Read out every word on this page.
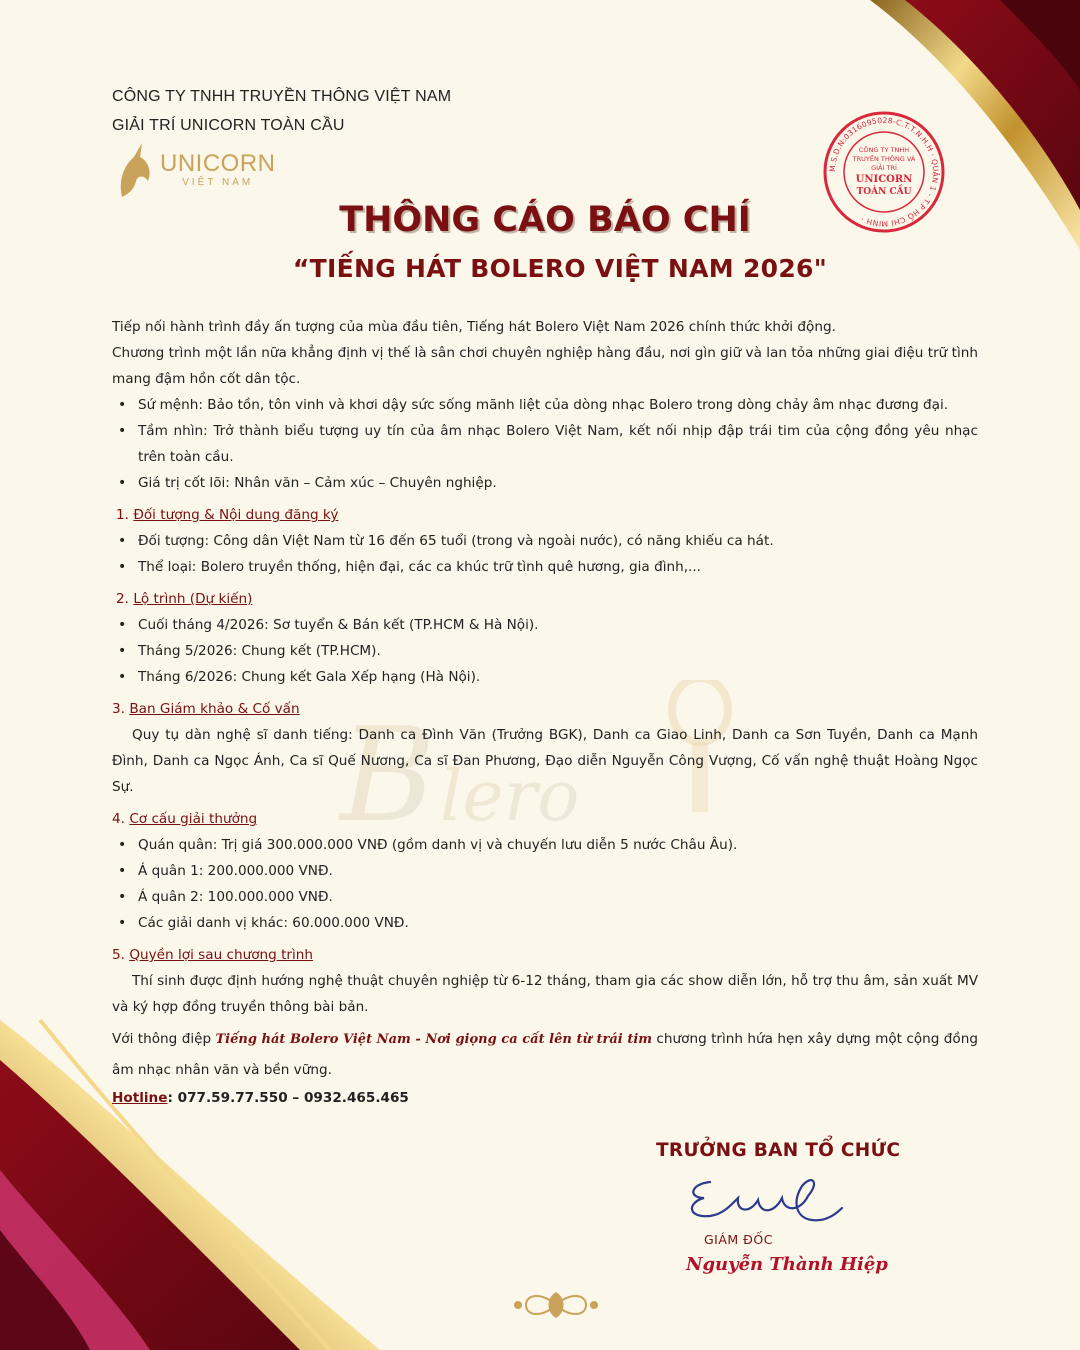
B lero
CÔNG TY TNHH TRUYỀN THÔNG VIỆT NAM
GIẢI TRÍ UNICORN TOÀN CẦU
UNICORN
VIỆT NAM
M.S.D.N:0316095028-C.T.T.N.H.H · QUẬN 1 - T.P HỒ CHÍ MINH ·
CÔNG TY TNHH
TRUYỀN THÔNG VÀ
GIẢI TRÍ
UNICORN
TOÀN CẦU
THÔNG CÁO BÁO CHÍ
“TIẾNG HÁT BOLERO VIỆT NAM 2026"

Tiếp nối hành trình đầy ấn tượng của mùa đầu tiên, Tiếng hát Bolero Việt Nam 2026 chính thức khởi động.

Chương trình một lần nữa khẳng định vị thế là sân chơi chuyên nghiệp hàng đầu, nơi gìn giữ và lan tỏa những giai điệu trữ tình mang đậm hồn cốt dân tộc.

• Sứ mệnh: Bảo tồn, tôn vinh và khơi dậy sức sống mãnh liệt của dòng nhạc Bolero trong dòng chảy âm nhạc đương đại.
• Tầm nhìn: Trở thành biểu tượng uy tín của âm nhạc Bolero Việt Nam, kết nối nhịp đập trái tim của cộng đồng yêu nhạc trên toàn cầu.
• Giá trị cốt lõi: Nhân văn – Cảm xúc – Chuyên nghiệp.
1. Đối tượng & Nội dung đăng ký
• Đối tượng: Công dân Việt Nam từ 16 đến 65 tuổi (trong và ngoài nước), có năng khiếu ca hát.
• Thể loại: Bolero truyền thống, hiện đại, các ca khúc trữ tình quê hương, gia đình,...
2. Lộ trình (Dự kiến)
• Cuối tháng 4/2026: Sơ tuyển & Bán kết (TP.HCM & Hà Nội).
• Tháng 5/2026: Chung kết (TP.HCM).
• Tháng 6/2026: Chung kết Gala Xếp hạng (Hà Nội).
3. Ban Giám khảo & Cố vấn

Quy tụ dàn nghệ sĩ danh tiếng: Danh ca Đình Văn (Trưởng BGK), Danh ca Giao Linh, Danh ca Sơn Tuyền, Danh ca Mạnh Đình, Danh ca Ngọc Ánh, Ca sĩ Quế Nương, Ca sĩ Đan Phương, Đạo diễn Nguyễn Công Vượng, Cố vấn nghệ thuật Hoàng Ngọc Sự.

4. Cơ cấu giải thưởng
• Quán quân: Trị giá 300.000.000 VNĐ (gồm danh vị và chuyến lưu diễn 5 nước Châu Âu).
• Á quân 1: 200.000.000 VNĐ.
• Á quân 2: 100.000.000 VNĐ.
• Các giải danh vị khác: 60.000.000 VNĐ.
5. Quyền lợi sau chương trình

Thí sinh được định hướng nghệ thuật chuyên nghiệp từ 6-12 tháng, tham gia các show diễn lớn, hỗ trợ thu âm, sản xuất MV và ký hợp đồng truyền thông bài bản.

Với thông điệp Tiếng hát Bolero Việt Nam - Nơi giọng ca cất lên từ trái tim chương trình hứa hẹn xây dựng một cộng đồng âm nhạc nhân văn và bền vững.

Hotline: 077.59.77.550 – 0932.465.465

TRƯỞNG BAN TỔ CHỨC
GIÁM ĐỐC
Nguyễn Thành Hiệp
